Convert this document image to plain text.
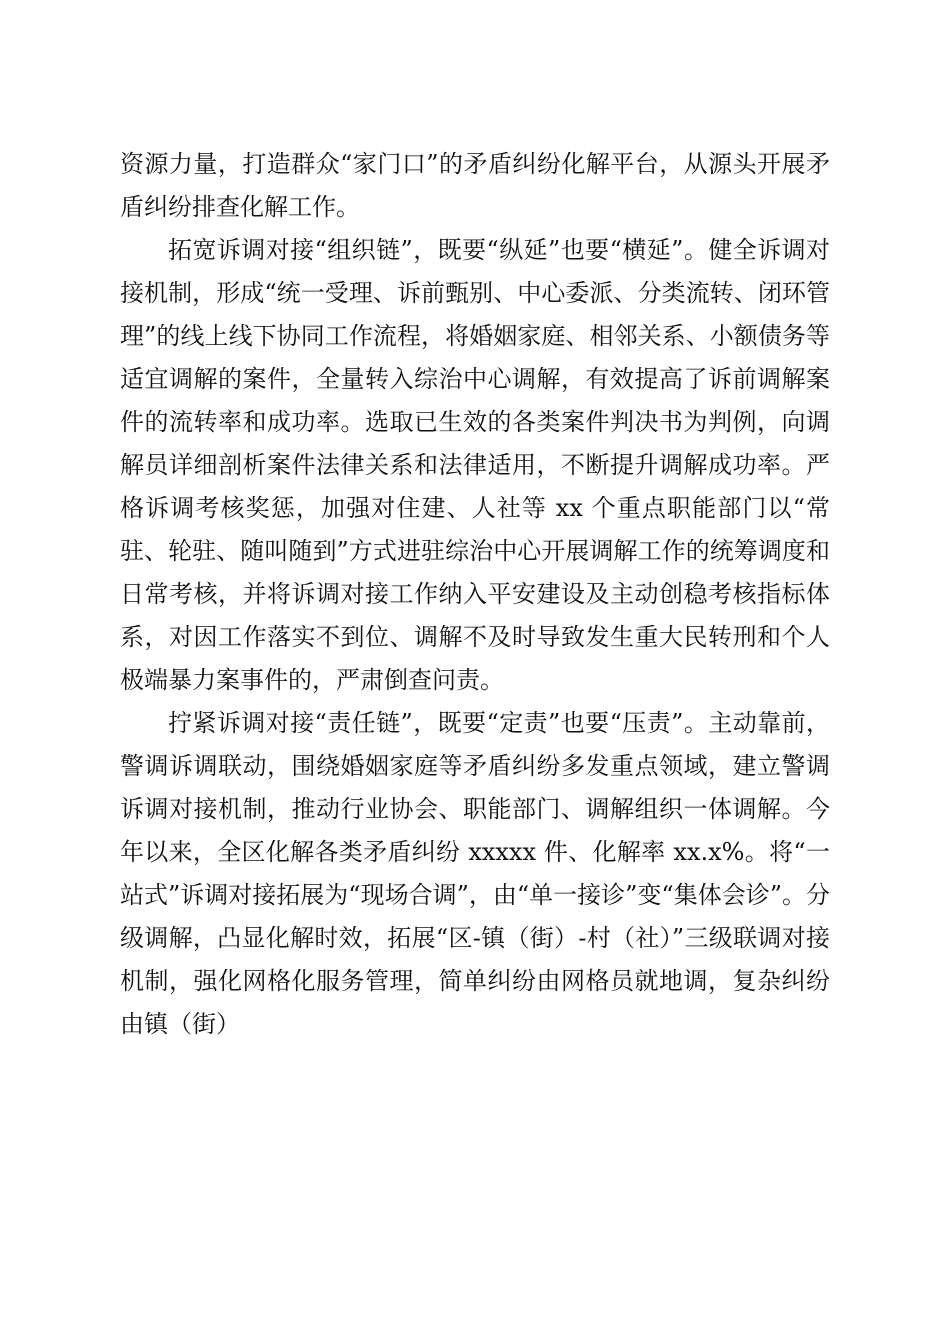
资源力量，打造群众“家门口”的矛盾纠纷化解平台，从源头开展矛盾纠纷排查化解工作。

拓宽诉调对接“组织链”，既要“纵延”也要“横延”。健全诉调对接机制，形成“统一受理、诉前甄别、中心委派、分类流转、闭环管理”的线上线下协同工作流程，将婚姻家庭、相邻关系、小额债务等适宜调解的案件，全量转入综治中心调解，有效提高了诉前调解案件的流转率和成功率。选取已生效的各类案件判决书为判例，向调解员详细剖析案件法律关系和法律适用，不断提升调解成功率。严格诉调考核奖惩，加强对住建、人社等 xx 个重点职能部门以“常驻、轮驻、随叫随到”方式进驻综治中心开展调解工作的统筹调度和日常考核，并将诉调对接工作纳入平安建设及主动创稳考核指标体系，对因工作落实不到位、调解不及时导致发生重大民转刑和个人极端暴力案事件的，严肃倒查问责。

拧紧诉调对接“责任链”，既要“定责”也要“压责”。主动靠前，警调诉调联动，围绕婚姻家庭等矛盾纠纷多发重点领域，建立警调诉调对接机制，推动行业协会、职能部门、调解组织一体调解。今年以来，全区化解各类矛盾纠纷 xxxxx 件、化解率 xx.x%。将“一站式”诉调对接拓展为“现场合调”，由“单一接诊”变“集体会诊”。分级调解，凸显化解时效，拓展“区-镇（街）-村（社）”三级联调对接机制，强化网格化服务管理，简单纠纷由网格员就地调，复杂纠纷由镇（街）
